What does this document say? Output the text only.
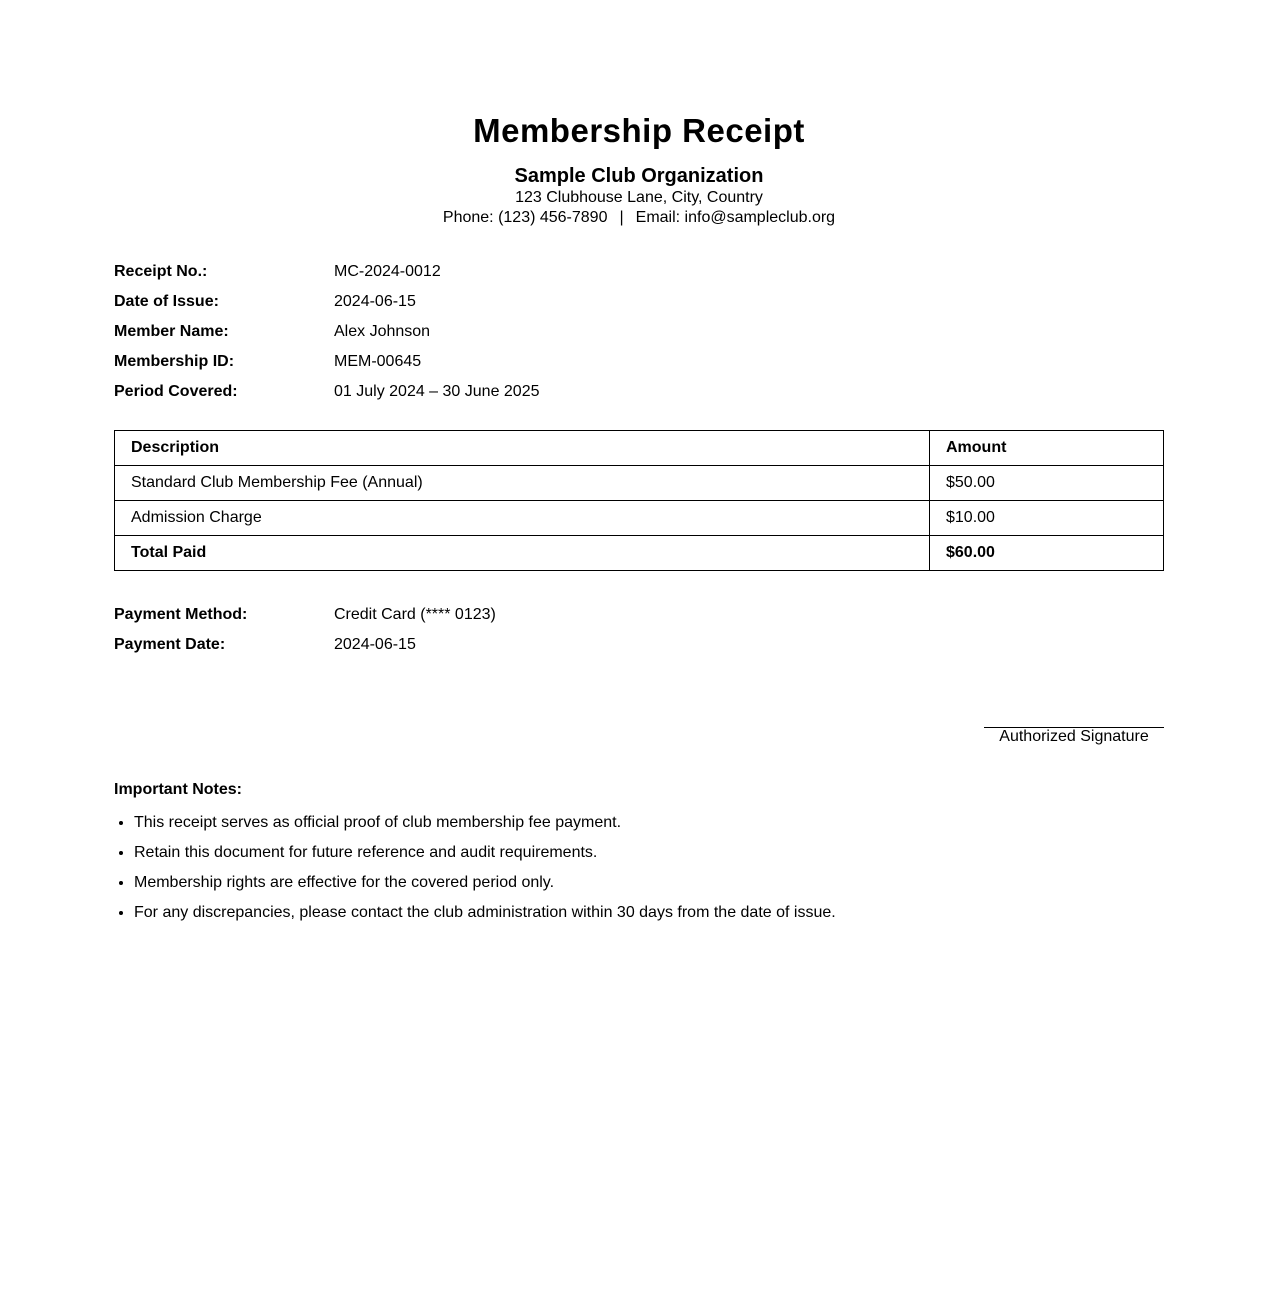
Membership Receipt
Sample Club Organization
123 Clubhouse Lane, City, Country
Phone: (123) 456-7890 | Email: info@sampleclub.org
Receipt No.:	MC-2024-0012
Date of Issue:	2024-06-15
Member Name:	Alex Johnson
Membership ID:	MEM-00645
Period Covered:	01 July 2024 – 30 June 2025
Description	Amount
Standard Club Membership Fee (Annual)	$50.00
Admission Charge	$10.00
Total Paid	$60.00
Payment Method:	Credit Card (**** 0123)
Payment Date:	2024-06-15
Authorized Signature
Important Notes:
• This receipt serves as official proof of club membership fee payment.
• Retain this document for future reference and audit requirements.
• Membership rights are effective for the covered period only.
• For any discrepancies, please contact the club administration within 30 days from the date of issue.
